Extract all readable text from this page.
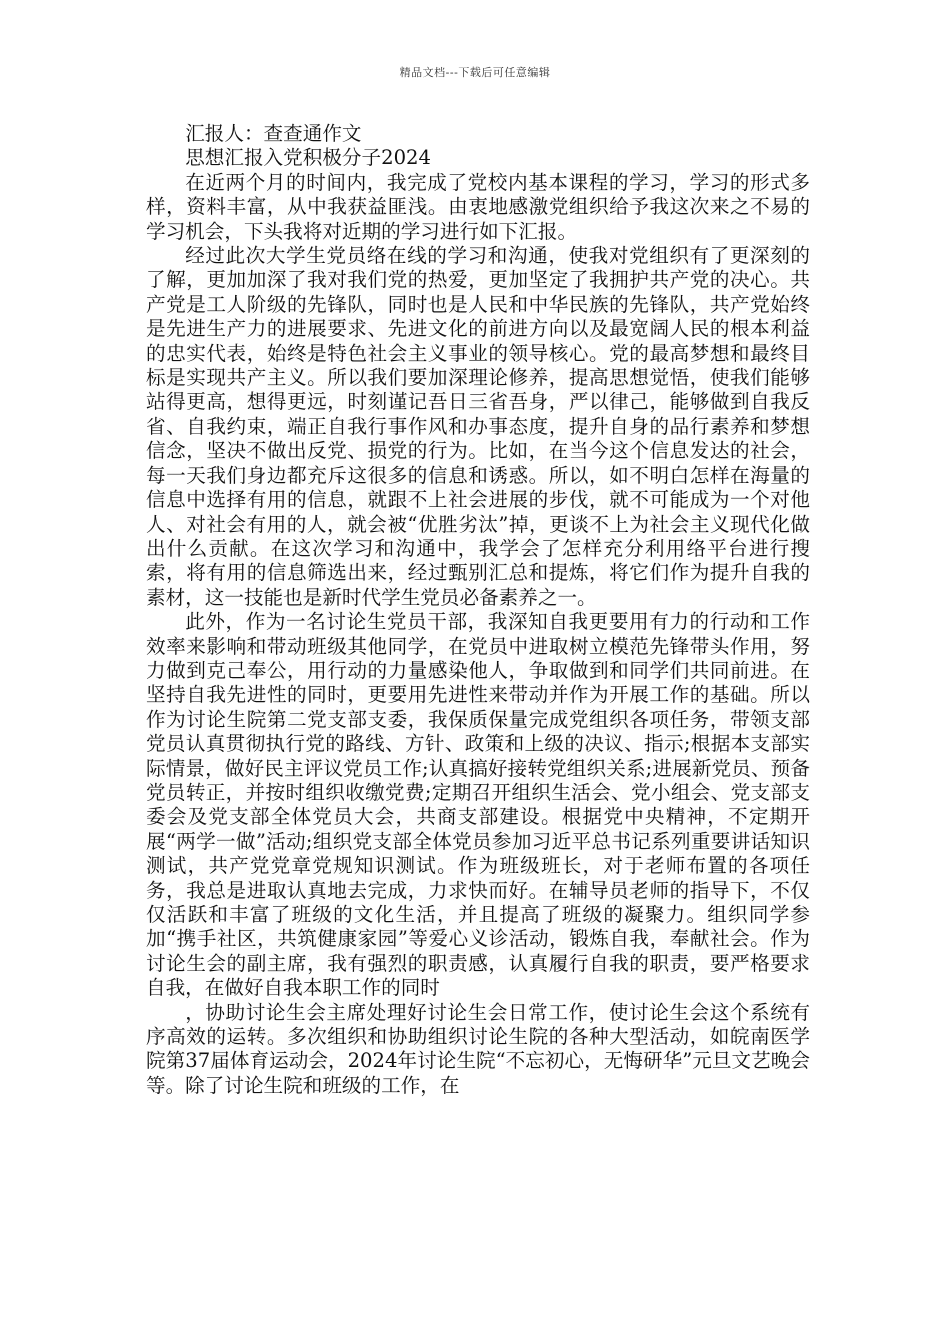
精品文档---下载后可任意编辑
汇报人：查查通作文
思想汇报入党积极分子2024

在近两个月的时间内，我完成了党校内基本课程的学习，学习的形式多样，资料丰富，从中我获益匪浅。由衷地感激党组织给予我这次来之不易的学习机会，下头我将对近期的学习进行如下汇报。

经过此次大学生党员络在线的学习和沟通，使我对党组织有了更深刻的了解，更加加深了我对我们党的热爱，更加坚定了我拥护共产党的决心。共产党是工人阶级的先锋队，同时也是人民和中华民族的先锋队，共产党始终是先进生产力的进展要求、先进文化的前进方向以及最宽阔人民的根本利益的忠实代表，始终是特色社会主义事业的领导核心。党的最高梦想和最终目标是实现共产主义。所以我们要加深理论修养，提高思想觉悟，使我们能够站得更高，想得更远，时刻谨记吾日三省吾身，严以律己，能够做到自我反省、自我约束，端正自我行事作风和办事态度，提升自身的品行素养和梦想信念，坚决不做出反党、损党的行为。比如，在当今这个信息发达的社会，每一天我们身边都充斥这很多的信息和诱惑。所以，如不明白怎样在海量的信息中选择有用的信息，就跟不上社会进展的步伐，就不可能成为一个对他人、对社会有用的人，就会被“优胜劣汰”掉，更谈不上为社会主义现代化做出什么贡献。在这次学习和沟通中，我学会了怎样充分利用络平台进行搜索，将有用的信息筛选出来，经过甄别汇总和提炼，将它们作为提升自我的素材，这一技能也是新时代学生党员必备素养之一。

此外，作为一名讨论生党员干部，我深知自我更要用有力的行动和工作效率来影响和带动班级其他同学，在党员中进取树立模范先锋带头作用，努力做到克己奉公，用行动的力量感染他人，争取做到和同学们共同前进。在坚持自我先进性的同时，更要用先进性来带动并作为开展工作的基础。所以作为讨论生院第二党支部支委，我保质保量完成党组织各项任务，带领支部党员认真贯彻执行党的路线、方针、政策和上级的决议、指示;根据本支部实际情景，做好民主评议党员工作;认真搞好接转党组织关系;进展新党员、预备党员转正，并按时组织收缴党费;定期召开组织生活会、党小组会、党支部支委会及党支部全体党员大会，共商支部建设。根据党中央精神，不定期开展“两学一做”活动;组织党支部全体党员参加习近平总书记系列重要讲话知识测试，共产党党章党规知识测试。作为班级班长，对于老师布置的各项任务，我总是进取认真地去完成，力求快而好。在辅导员老师的指导下，不仅仅活跃和丰富了班级的文化生活，并且提高了班级的凝聚力。组织同学参加“携手社区，共筑健康家园”等爱心义诊活动，锻炼自我，奉献社会。作为讨论生会的副主席，我有强烈的职责感，认真履行自我的职责，要严格要求自我，在做好自我本职工作的同时

，协助讨论生会主席处理好讨论生会日常工作，使讨论生会这个系统有序高效的运转。多次组织和协助组织讨论生院的各种大型活动，如皖南医学院第37届体育运动会，2024年讨论生院“不忘初心，无悔研华”元旦文艺晚会等。除了讨论生院和班级的工作，在
